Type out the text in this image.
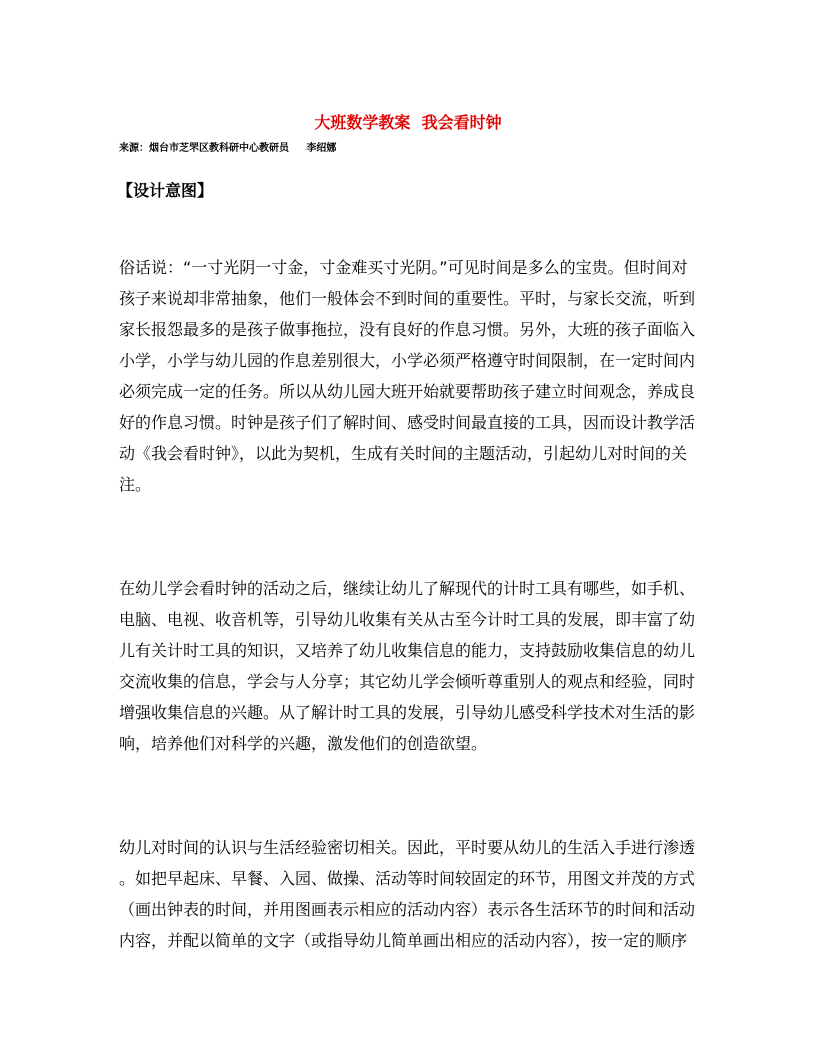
大班数学教案  我会看时钟
来源：烟台市芝罘区教科研中心教研员     李绍娜
【设计意图】
俗话说：“一寸光阴一寸金，寸金难买寸光阴。”可见时间是多么的宝贵。但时间对
孩子来说却非常抽象，他们一般体会不到时间的重要性。平时，与家长交流，听到
家长报怨最多的是孩子做事拖拉，没有良好的作息习惯。另外，大班的孩子面临入
小学，小学与幼儿园的作息差别很大，小学必须严格遵守时间限制，在一定时间内
必须完成一定的任务。所以从幼儿园大班开始就要帮助孩子建立时间观念，养成良
好的作息习惯。时钟是孩子们了解时间、感受时间最直接的工具，因而设计教学活
动《我会看时钟》，以此为契机，生成有关时间的主题活动，引起幼儿对时间的关
注。
在幼儿学会看时钟的活动之后，继续让幼儿了解现代的计时工具有哪些，如手机、
电脑、电视、收音机等，引导幼儿收集有关从古至今计时工具的发展，即丰富了幼
儿有关计时工具的知识，又培养了幼儿收集信息的能力，支持鼓励收集信息的幼儿
交流收集的信息，学会与人分享；其它幼儿学会倾听尊重别人的观点和经验，同时
增强收集信息的兴趣。从了解计时工具的发展，引导幼儿感受科学技术对生活的影
响，培养他们对科学的兴趣，激发他们的创造欲望。
幼儿对时间的认识与生活经验密切相关。因此，平时要从幼儿的生活入手进行渗透
。如把早起床、早餐、入园、做操、活动等时间较固定的环节，用图文并茂的方式
（画出钟表的时间，并用图画表示相应的活动内容）表示各生活环节的时间和活动
内容，并配以简单的文字（或指导幼儿简单画出相应的活动内容），按一定的顺序
